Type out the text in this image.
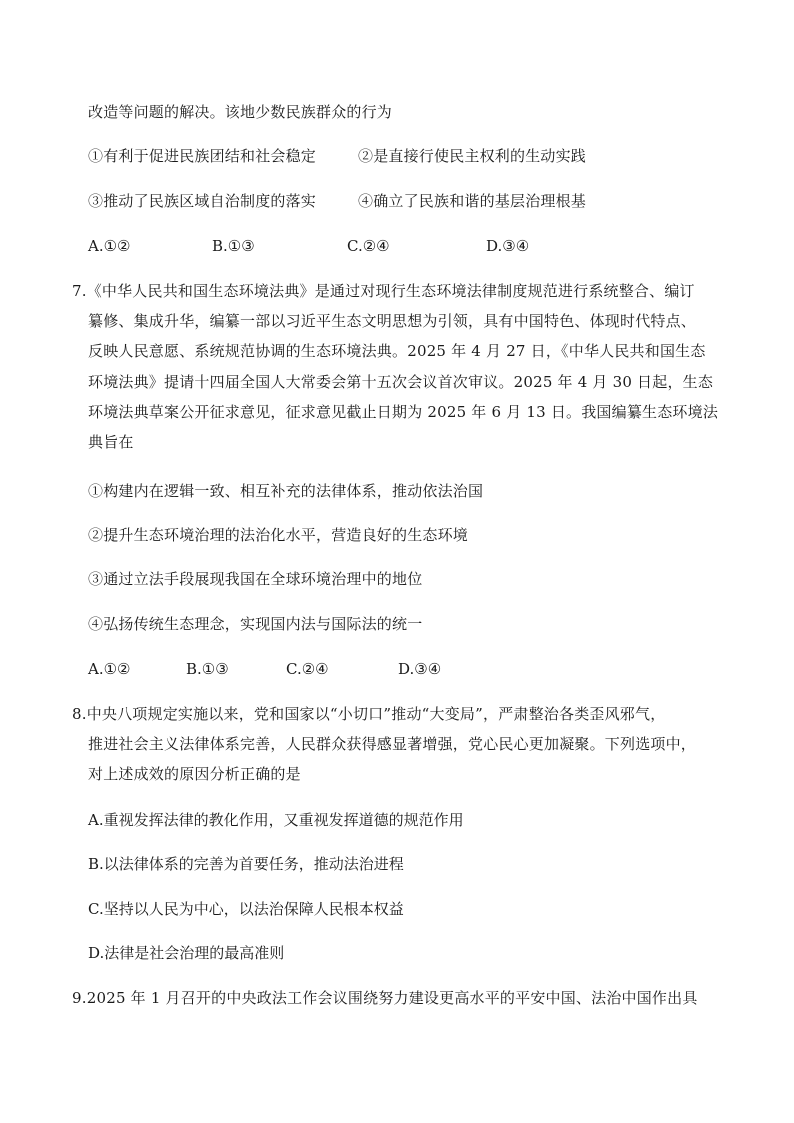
改造等问题的解决。该地少数民族群众的行为
①有利于促进民族团结和社会稳定	②是直接行使民主权利的生动实践
③推动了民族区域自治制度的落实	④确立了民族和谐的基层治理根基
A.①②	B.①③	C.②④	D.③④
7.《中华人民共和国生态环境法典》是通过对现行生态环境法律制度规范进行系统整合、编订
纂修、集成升华，编纂一部以习近平生态文明思想为引领，具有中国特色、体现时代特点、
反映人民意愿、系统规范协调的生态环境法典。2025 年 4 月 27 日，《中华人民共和国生态
环境法典》提请十四届全国人大常委会第十五次会议首次审议。2025 年 4 月 30 日起，生态
环境法典草案公开征求意见，征求意见截止日期为 2025 年 6 月 13 日。我国编纂生态环境法
典旨在
①构建内在逻辑一致、相互补充的法律体系，推动依法治国
②提升生态环境治理的法治化水平，营造良好的生态环境
③通过立法手段展现我国在全球环境治理中的地位
④弘扬传统生态理念，实现国内法与国际法的统一
A.①②	B.①③	C.②④	D.③④
8.中央八项规定实施以来，党和国家以“小切口”推动“大变局”，严肃整治各类歪风邪气，
推进社会主义法律体系完善，人民群众获得感显著增强，党心民心更加凝聚。下列选项中，
对上述成效的原因分析正确的是
A.重视发挥法律的教化作用，又重视发挥道德的规范作用
B.以法律体系的完善为首要任务，推动法治进程
C.坚持以人民为中心，以法治保障人民根本权益
D.法律是社会治理的最高准则
9.2025 年 1 月召开的中央政法工作会议围绕努力建设更高水平的平安中国、法治中国作出具
